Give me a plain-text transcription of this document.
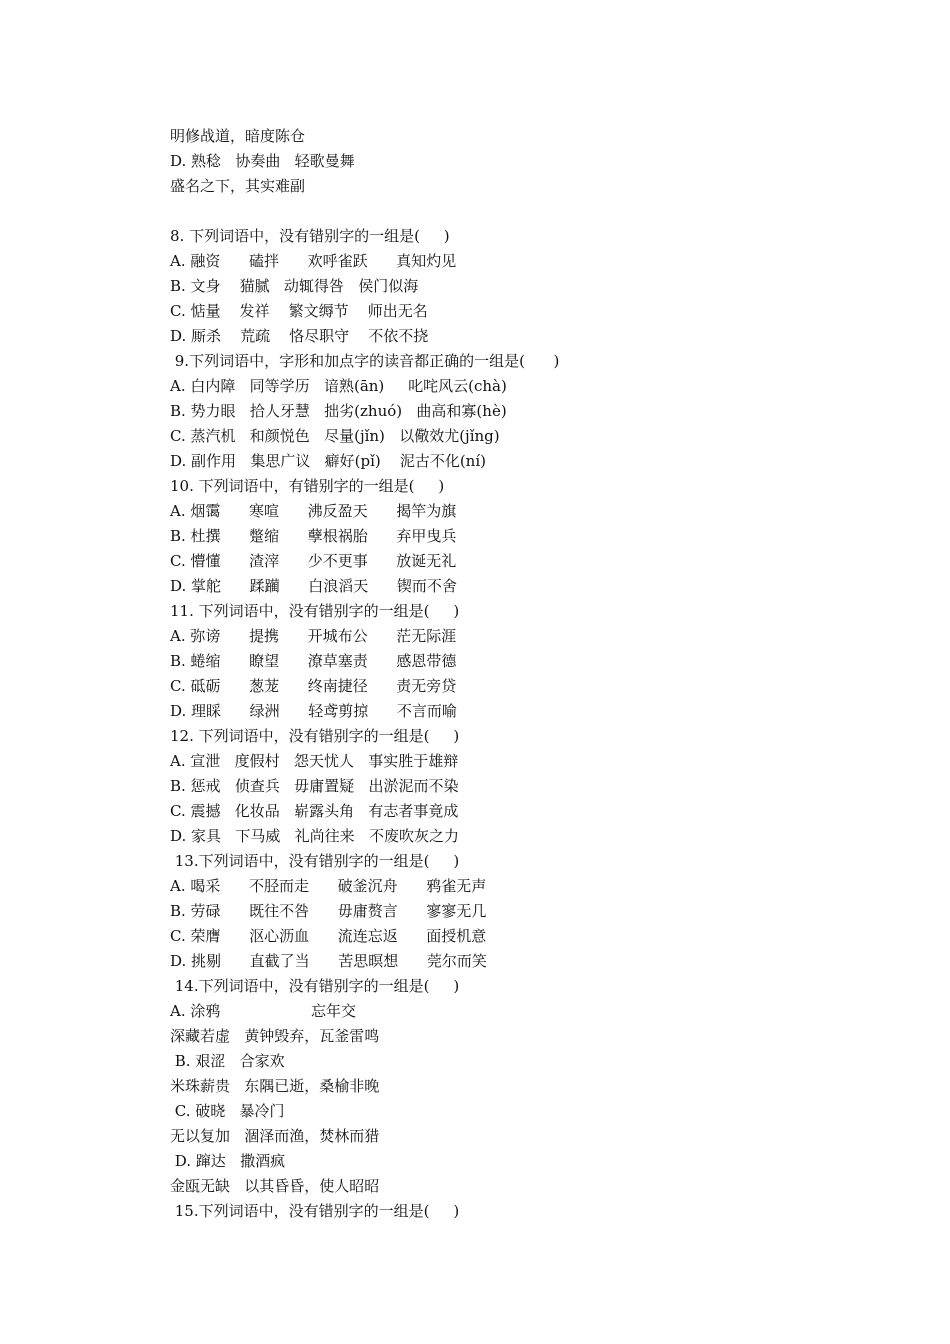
明修战道，暗度陈仓
D. 熟稔   协奏曲   轻歌曼舞
盛名之下，其实难副
8. 下列词语中，没有错别字的一组是(     )
A. 融资      磕拌      欢呼雀跃      真知灼见
B. 文身    猫腻   动辄得咎   侯门似海
C. 惦量    发祥    繁文缛节    师出无名
D. 厮杀    荒疏    恪尽职守    不依不挠
9.下列词语中，字形和加点字的读音都正确的一组是(      )
A. 白内障   同等学历   谙熟(ān)     叱咤风云(chà)
B. 势力眼   拾人牙慧   拙劣(zhuó)   曲高和寡(hè)
C. 蒸汽机   和颜悦色   尽量(jǐn)   以儆效尤(jǐng)
D. 副作用   集思广议   癖好(pǐ)    泥古不化(ní)
10. 下列词语中，有错别字的一组是(     )
A. 烟霭      寒喧      沸反盈天      揭竿为旗
B. 杜撰      蹩缩      孽根祸胎      弃甲曳兵
C. 懵懂      渣滓      少不更事      放诞无礼
D. 掌舵      蹂躏      白浪滔天      锲而不舍
11. 下列词语中，没有错别字的一组是(     )
A. 弥谤      提携      开城布公      茫无际涯
B. 蜷缩      瞭望      潦草塞责      感恩带德
C. 砥砺      葱茏      终南捷径      责无旁贷
D. 理睬      绿洲      轻鸢剪掠      不言而喻
12. 下列词语中，没有错别字的一组是(     )
A. 宣泄   度假村   怨天忧人   事实胜于雄辩
B. 惩戒   侦查兵   毋庸置疑   出淤泥而不染
C. 震撼   化妆品   崭露头角   有志者事竟成
D. 家具   下马威   礼尚往来   不废吹灰之力
13.下列词语中，没有错别字的一组是(     )
A. 喝采      不胫而走      破釜沉舟      鸦雀无声
B. 劳碌      既往不咎      毋庸赘言      寥寥无几
C. 荣膺      沤心沥血      流连忘返      面授机意
D. 挑剔      直截了当      苦思暝想      莞尔而笑
14.下列词语中，没有错别字的一组是(     )
A. 涂鸦                   忘年交
深藏若虚   黄钟毁弃，瓦釜雷鸣
B. 艰涩   合家欢
米珠薪贵   东隅已逝，桑榆非晚
C. 破晓   暴冷门
无以复加   涸泽而渔，焚林而猎
D. 蹿达   撒酒疯
金瓯无缺   以其昏昏，使人昭昭
15.下列词语中，没有错别字的一组是(     )
